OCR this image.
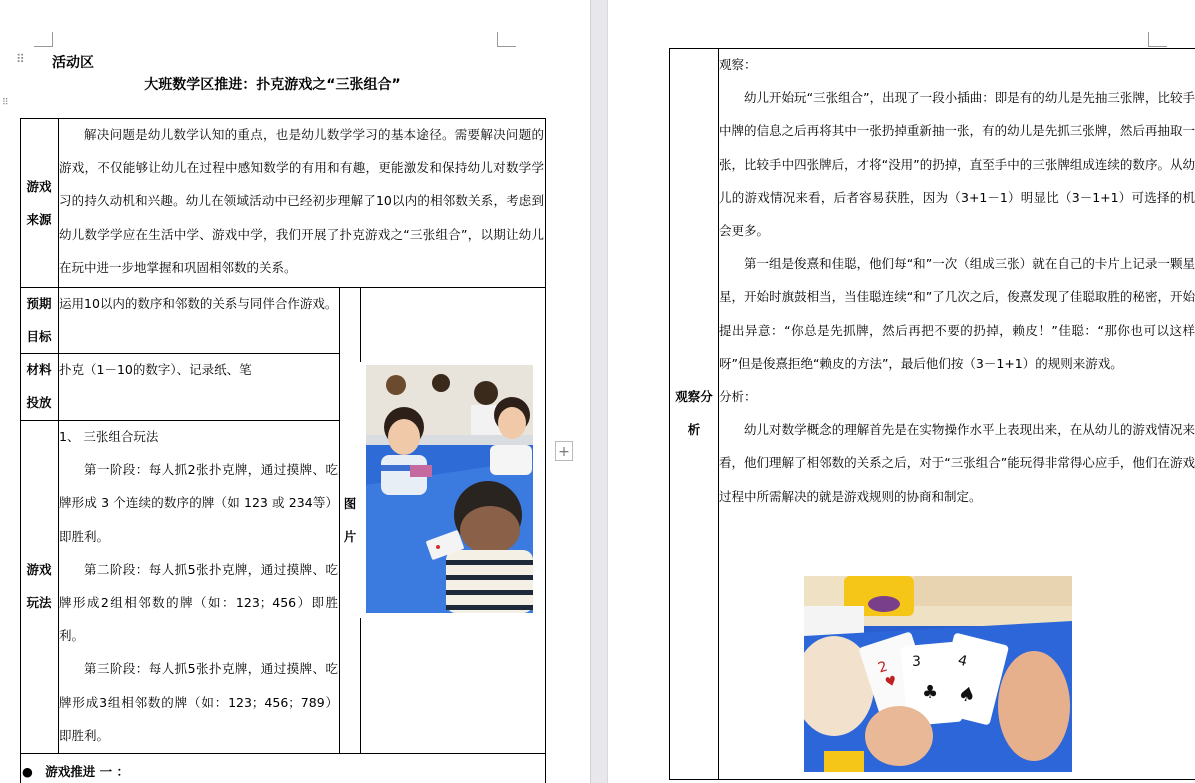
⠿
⠿
活动区
大班数学区推进：扑克游戏之“三张组合”
游戏
来源
解决问题是幼儿数学认知的重点，也是幼儿数学学习的基本途径。需要解决问题的游戏，不仅能够让幼儿在过程中感知数学的有用和有趣，更能激发和保持幼儿对数学学习的持久动机和兴趣。幼儿在领域活动中已经初步理解了10以内的相邻数关系，考虑到幼儿数学学应在生活中学、游戏中学，我们开展了扑克游戏之“三张组合”，以期让幼儿在玩中进一步地掌握和巩固相邻数的关系。
预期
目标
运用10以内的数序和邻数的关系与同伴合作游戏。
材料
投放
扑克（1－10的数字）、记录纸、笔
图
片
游戏
玩法
1、 三张组合玩法
第一阶段：每人抓2张扑克牌，通过摸牌、吃牌形成 3 个连续的数序的牌（如 123 或 234等）即胜利。
第二阶段：每人抓5张扑克牌，通过摸牌、吃牌形成2组相邻数的牌（如：123；456）即胜利。
第三阶段：每人抓5张扑克牌，通过摸牌、吃牌形成3组相邻数的牌（如：123；456；789）即胜利。
● 游戏推进 一 ：
+
观察分
析
观察：
幼儿开始玩“三张组合”，出现了一段小插曲：即是有的幼儿是先抽三张牌，比较手中牌的信息之后再将其中一张扔掉重新抽一张，有的幼儿是先抓三张牌，然后再抽取一张，比较手中四张牌后，才将“没用”的扔掉，直至手中的三张牌组成连续的数序。从幼儿的游戏情况来看，后者容易获胜，因为（3+1－1）明显比（3－1+1）可选择的机会更多。
第一组是俊熹和佳聪，他们每“和”一次（组成三张）就在自己的卡片上记录一颗星星，开始时旗鼓相当，当佳聪连续“和”了几次之后，俊熹发现了佳聪取胜的秘密，开始提出异意：“你总是先抓牌，然后再把不要的扔掉，赖皮！”佳聪：“那你也可以这样呀”但是俊熹拒绝“赖皮的方法”，最后他们按（3－1+1）的规则来游戏。
分析：
幼儿对数学概念的理解首先是在实物操作水平上表现出来，在从幼儿的游戏情况来看，他们理解了相邻数的关系之后，对于“三张组合”能玩得非常得心应手，他们在游戏过程中所需解决的就是游戏规则的协商和制定。
2
♥
3
♣
4
♠
